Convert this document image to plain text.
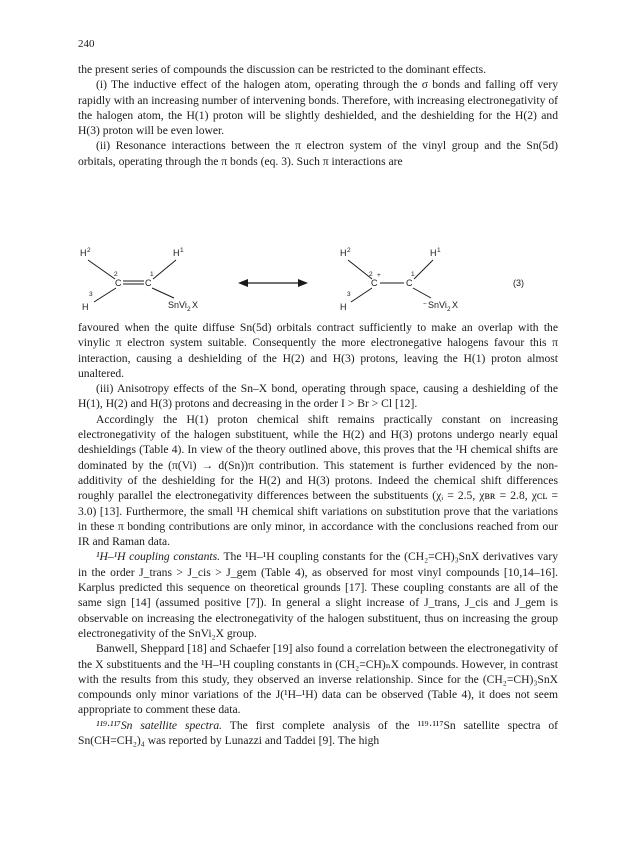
240

the present series of compounds the discussion can be restricted to the dominant effects.

(i) The inductive effect of the halogen atom, operating through the σ bonds and falling off very rapidly with an increasing number of intervening bonds. Therefore, with increasing electronegativity of the halogen atom, the H(1) proton will be slightly deshielded, and the deshielding for the H(2) and H(3) proton will be even lower.

(ii) Resonance interactions between the π electron system of the vinyl group and the Sn(5d) orbitals, operating through the π bonds (eq. 3). Such π interactions are

H 2	H 1
C
2
C
1
H
3
SnVi 2 X
H 2	H 1
C
2 +
C
1
H
3
− SnVi 2 X
(3)

favoured when the quite diffuse Sn(5d) orbitals contract sufficiently to make an overlap with the vinylic π electron system suitable. Consequently the more electronegative halogens favour this π interaction, causing a deshielding of the H(2) and H(3) protons, leaving the H(1) proton almost unaltered.

(iii) Anisotropy effects of the Sn–X bond, operating through space, causing a deshielding of the H(1), H(2) and H(3) protons and decreasing in the order I > Br > Cl [12].

Accordingly the H(1) proton chemical shift remains practically constant on increasing electronegativity of the halogen substituent, while the H(2) and H(3) protons undergo nearly equal deshieldings (Table 4). In view of the theory outlined above, this proves that the ¹H chemical shifts are dominated by the (π(Vi) → d(Sn))π contribution. This statement is further evidenced by the non-additivity of the deshielding for the H(2) and H(3) protons. Indeed the chemical shift differences roughly parallel the electronegativity differences between the substituents (χᵢ = 2.5, χʙʀ = 2.8, χᴄʟ = 3.0) [13]. Furthermore, the small ¹H chemical shift variations on substitution prove that the variations in these π bonding contributions are only minor, in accordance with the conclusions reached from our IR and Raman data.

¹H–¹H coupling constants. The ¹H–¹H coupling constants for the (CH₂=CH)₃SnX derivatives vary in the order J_trans > J_cis > J_gem (Table 4), as observed for most vinyl compounds [10,14–16]. Karplus predicted this sequence on theoretical grounds [17]. These coupling constants are all of the same sign [14] (assumed positive [7]). In general a slight increase of J_trans, J_cis and J_gem is observable on increasing the electronegativity of the halogen substituent, thus on increasing the group electronegativity of the SnVi₂X group.

Banwell, Sheppard [18] and Schaefer [19] also found a correlation between the electronegativity of the X substituents and the ¹H–¹H coupling constants in (CH₂=CH)ₙX compounds. However, in contrast with the results from this study, they observed an inverse relationship. Since for the (CH₂=CH)₃SnX compounds only minor variations of the J(¹H–¹H) data can be observed (Table 4), it does not seem appropriate to comment these data.

¹¹⁹·¹¹⁷Sn satellite spectra. The first complete analysis of the ¹¹⁹·¹¹⁷Sn satellite spectra of Sn(CH=CH₂)₄ was reported by Lunazzi and Taddei [9]. The high
